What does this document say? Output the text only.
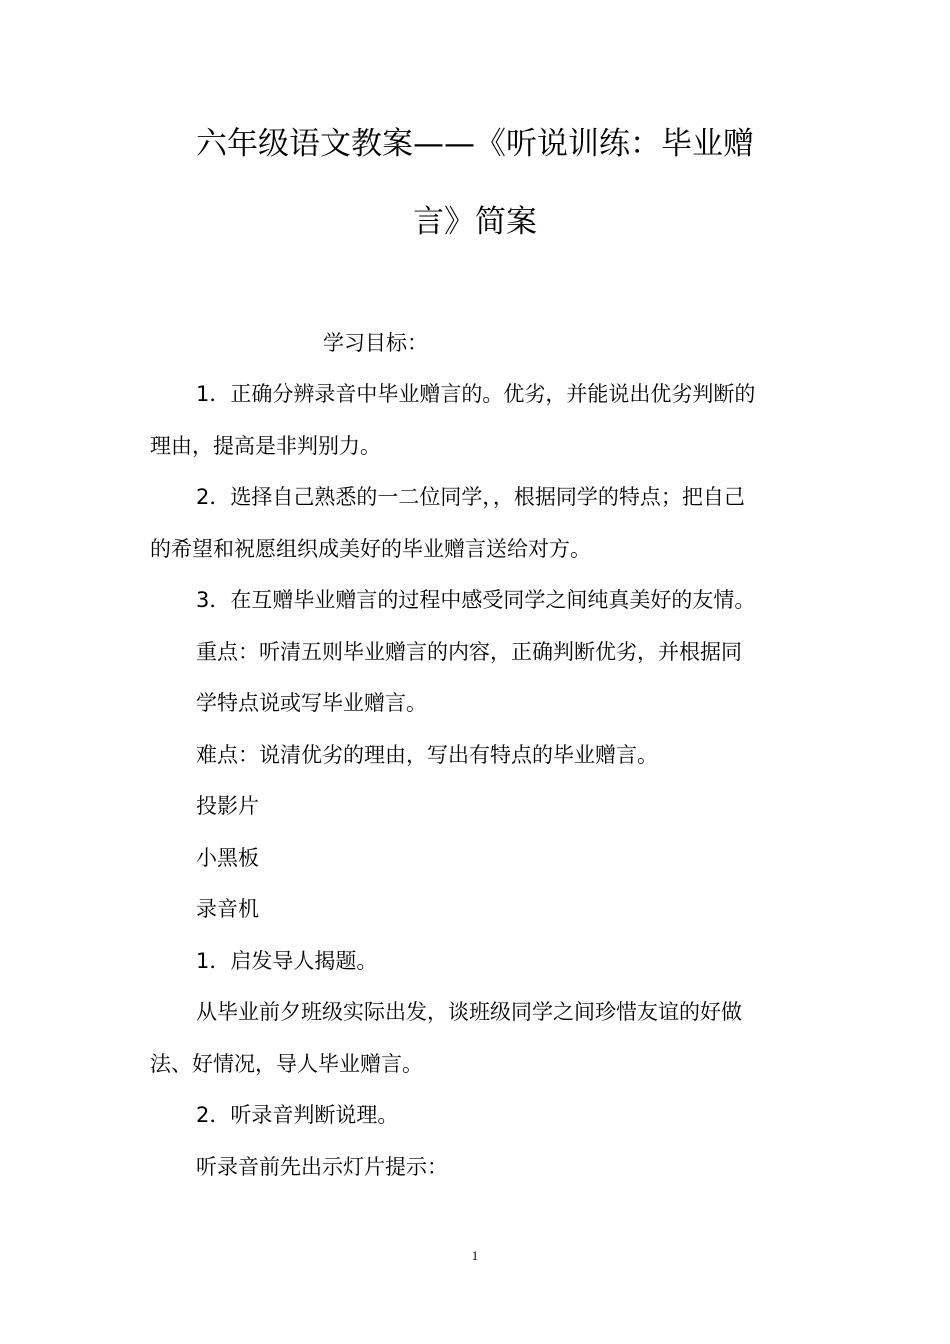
六年级语文教案——《听说训练：毕业赠
言》简案
学习目标：
1．正确分辨录音中毕业赠言的。优劣，并能说出优劣判断的
理由，提高是非判别力。
2．选择自己熟悉的一二位同学，，根据同学的特点；把自己
的希望和祝愿组织成美好的毕业赠言送给对方。
3．在互赠毕业赠言的过程中感受同学之间纯真美好的友情。
重点：听清五则毕业赠言的内容，正确判断优劣，并根据同
学特点说或写毕业赠言。
难点：说清优劣的理由，写出有特点的毕业赠言。
投影片
小黑板
录音机
1．启发导人揭题。
从毕业前夕班级实际出发，谈班级同学之间珍惜友谊的好做
法、好情况，导人毕业赠言。
2．听录音判断说理。
听录音前先出示灯片提示：
1
